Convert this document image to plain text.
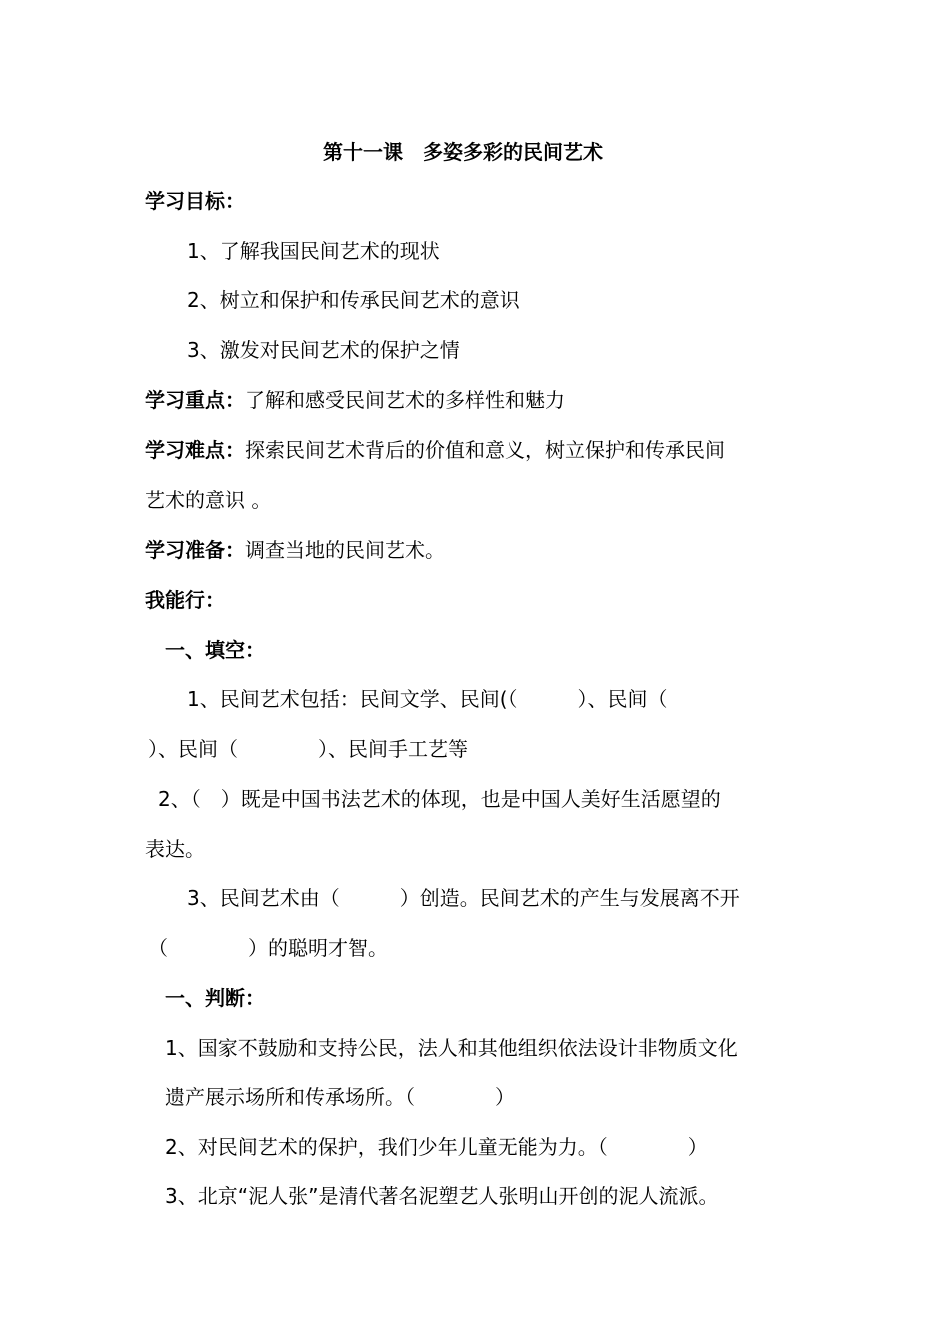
第十一课　多姿多彩的民间艺术
学习目标：
1、了解我国民间艺术的现状
2、树立和保护和传承民间艺术的意识
3、激发对民间艺术的保护之情
学习重点：了解和感受民间艺术的多样性和魅力
学习难点：探索民间艺术背后的价值和意义，树立保护和传承民间
艺术的意识 。
学习准备：调查当地的民间艺术。
我能行：
一、填空：
1、民间艺术包括：民间文学、民间(（　　　）、民间（
）、民间（　　　　）、民间手工艺等
2、（　）既是中国书法艺术的体现，也是中国人美好生活愿望的
表达。
3、民间艺术由（　　　）创造。民间艺术的产生与发展离不开
（　　　　）的聪明才智。
一、判断：
1、国家不鼓励和支持公民，法人和其他组织依法设计非物质文化
遗产展示场所和传承场所。（　　　　）
2、对民间艺术的保护，我们少年儿童无能为力。（　　　　）
3、北京“泥人张”是清代著名泥塑艺人张明山开创的泥人流派。
